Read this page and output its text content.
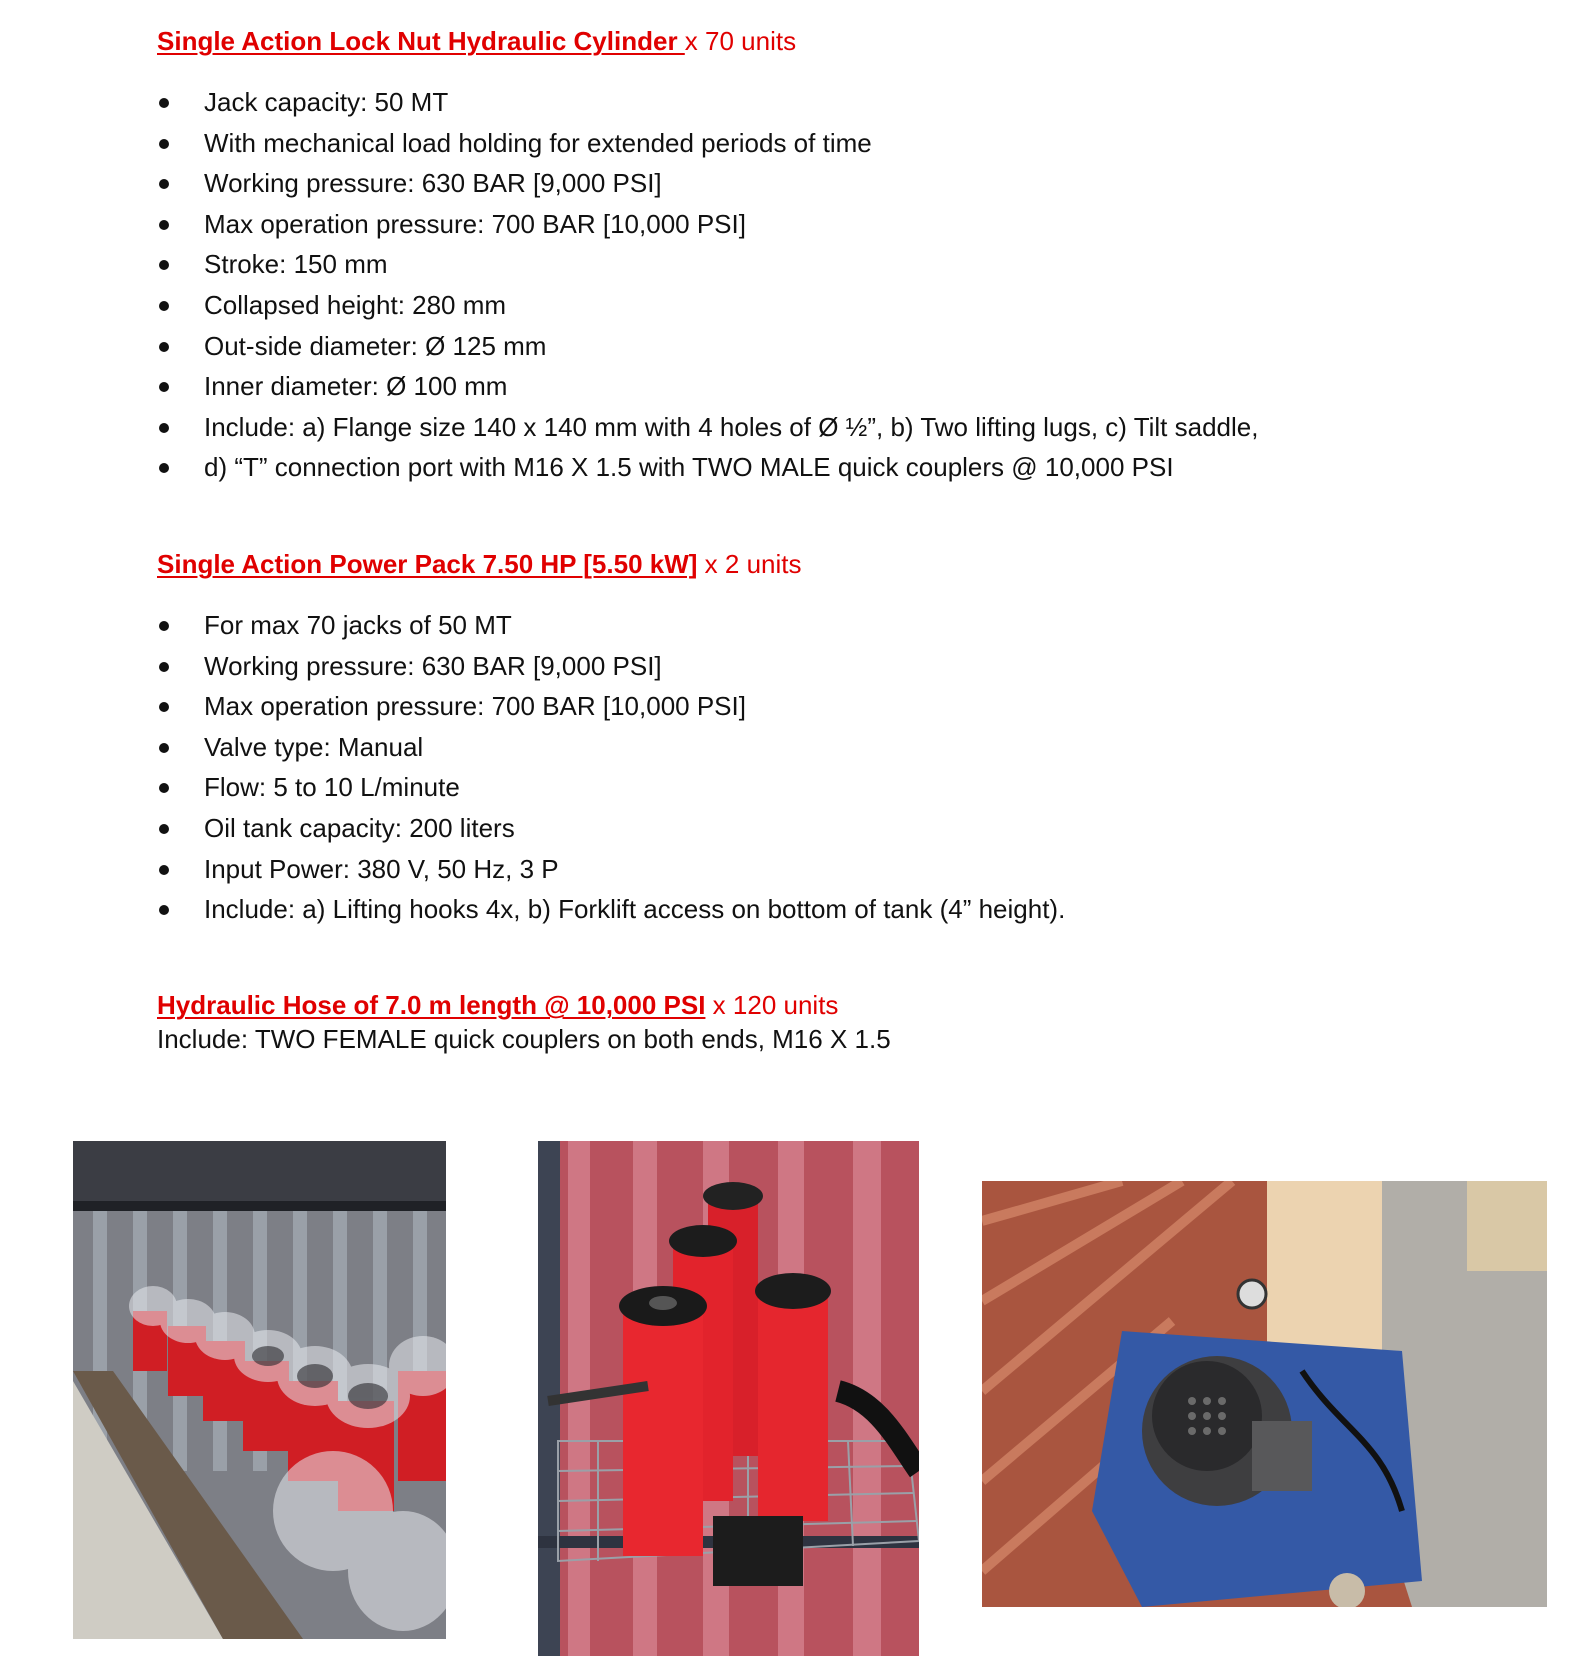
Single Action Lock Nut Hydraulic Cylinder x 70 units
Jack capacity: 50 MT
With mechanical load holding for extended periods of time
Working pressure: 630 BAR [9,000 PSI]
Max operation pressure: 700 BAR [10,000 PSI]
Stroke: 150 mm
Collapsed height: 280 mm
Out-side diameter: Ø 125 mm
Inner diameter: Ø 100 mm
Include: a) Flange size 140 x 140 mm with 4 holes of Ø ½”, b) Two lifting lugs, c) Tilt saddle,
d) “T” connection port with M16 X 1.5 with TWO MALE quick couplers @ 10,000 PSI
Single Action Power Pack 7.50 HP [5.50 kW] x 2 units
For max 70 jacks of 50 MT
Working pressure: 630 BAR [9,000 PSI]
Max operation pressure: 700 BAR [10,000 PSI]
Valve type: Manual
Flow: 5 to 10 L/minute
Oil tank capacity: 200 liters
Input Power: 380 V, 50 Hz, 3 P
Include: a) Lifting hooks 4x, b) Forklift access on bottom of tank (4” height).
Hydraulic Hose of 7.0 m length @ 10,000 PSI x 120 units
Include: TWO FEMALE quick couplers on both ends, M16 X 1.5
